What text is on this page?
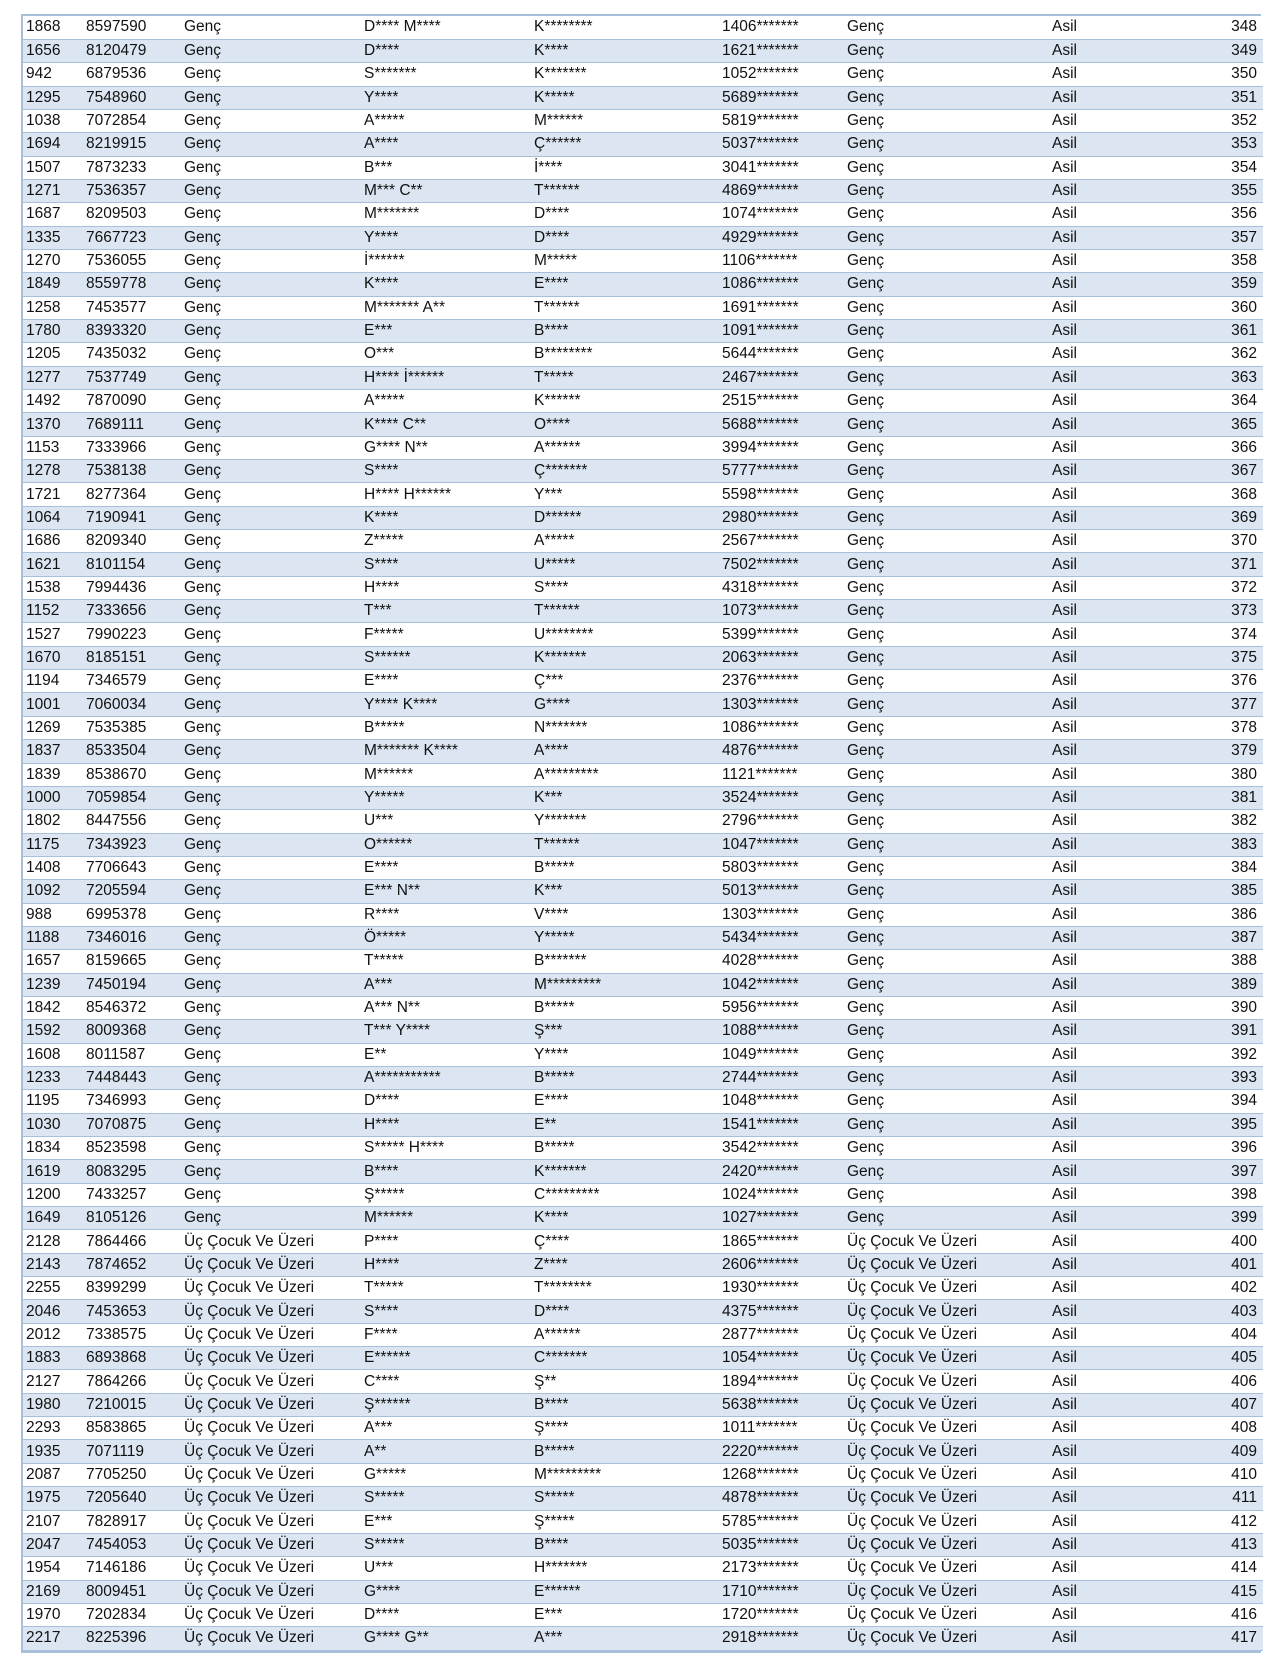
1868	8597590	Genç	D**** M****	K********	1406*******	Genç	Asil	348
1656	8120479	Genç	D****	K****	1621*******	Genç	Asil	349
942	6879536	Genç	S*******	K*******	1052*******	Genç	Asil	350
1295	7548960	Genç	Y****	K*****	5689*******	Genç	Asil	351
1038	7072854	Genç	A*****	M******	5819*******	Genç	Asil	352
1694	8219915	Genç	A****	Ç******	5037*******	Genç	Asil	353
1507	7873233	Genç	B***	İ****	3041*******	Genç	Asil	354
1271	7536357	Genç	M*** C**	T******	4869*******	Genç	Asil	355
1687	8209503	Genç	M*******	D****	1074*******	Genç	Asil	356
1335	7667723	Genç	Y****	D****	4929*******	Genç	Asil	357
1270	7536055	Genç	İ******	M*****	1106*******	Genç	Asil	358
1849	8559778	Genç	K****	E****	1086*******	Genç	Asil	359
1258	7453577	Genç	M******* A**	T******	1691*******	Genç	Asil	360
1780	8393320	Genç	E***	B****	1091*******	Genç	Asil	361
1205	7435032	Genç	O***	B********	5644*******	Genç	Asil	362
1277	7537749	Genç	H**** İ******	T*****	2467*******	Genç	Asil	363
1492	7870090	Genç	A*****	K******	2515*******	Genç	Asil	364
1370	7689111	Genç	K**** C**	O****	5688*******	Genç	Asil	365
1153	7333966	Genç	G**** N**	A******	3994*******	Genç	Asil	366
1278	7538138	Genç	S****	Ç*******	5777*******	Genç	Asil	367
1721	8277364	Genç	H**** H******	Y***	5598*******	Genç	Asil	368
1064	7190941	Genç	K****	D******	2980*******	Genç	Asil	369
1686	8209340	Genç	Z*****	A*****	2567*******	Genç	Asil	370
1621	8101154	Genç	S****	U*****	7502*******	Genç	Asil	371
1538	7994436	Genç	H****	S****	4318*******	Genç	Asil	372
1152	7333656	Genç	T***	T******	1073*******	Genç	Asil	373
1527	7990223	Genç	F*****	U********	5399*******	Genç	Asil	374
1670	8185151	Genç	S******	K*******	2063*******	Genç	Asil	375
1194	7346579	Genç	E****	Ç***	2376*******	Genç	Asil	376
1001	7060034	Genç	Y**** K****	G****	1303*******	Genç	Asil	377
1269	7535385	Genç	B*****	N*******	1086*******	Genç	Asil	378
1837	8533504	Genç	M******* K****	A****	4876*******	Genç	Asil	379
1839	8538670	Genç	M******	A*********	1121*******	Genç	Asil	380
1000	7059854	Genç	Y*****	K***	3524*******	Genç	Asil	381
1802	8447556	Genç	U***	Y*******	2796*******	Genç	Asil	382
1175	7343923	Genç	O******	T******	1047*******	Genç	Asil	383
1408	7706643	Genç	E****	B*****	5803*******	Genç	Asil	384
1092	7205594	Genç	E*** N**	K***	5013*******	Genç	Asil	385
988	6995378	Genç	R****	V****	1303*******	Genç	Asil	386
1188	7346016	Genç	Ö*****	Y*****	5434*******	Genç	Asil	387
1657	8159665	Genç	T*****	B*******	4028*******	Genç	Asil	388
1239	7450194	Genç	A***	M*********	1042*******	Genç	Asil	389
1842	8546372	Genç	A*** N**	B*****	5956*******	Genç	Asil	390
1592	8009368	Genç	T*** Y****	Ş***	1088*******	Genç	Asil	391
1608	8011587	Genç	E**	Y****	1049*******	Genç	Asil	392
1233	7448443	Genç	A***********	B*****	2744*******	Genç	Asil	393
1195	7346993	Genç	D****	E****	1048*******	Genç	Asil	394
1030	7070875	Genç	H****	E**	1541*******	Genç	Asil	395
1834	8523598	Genç	S***** H****	B*****	3542*******	Genç	Asil	396
1619	8083295	Genç	B****	K*******	2420*******	Genç	Asil	397
1200	7433257	Genç	Ş*****	C*********	1024*******	Genç	Asil	398
1649	8105126	Genç	M******	K****	1027*******	Genç	Asil	399
2128	7864466	Üç Çocuk Ve Üzeri	P****	Ç****	1865*******	Üç Çocuk Ve Üzeri	Asil	400
2143	7874652	Üç Çocuk Ve Üzeri	H****	Z****	2606*******	Üç Çocuk Ve Üzeri	Asil	401
2255	8399299	Üç Çocuk Ve Üzeri	T*****	T********	1930*******	Üç Çocuk Ve Üzeri	Asil	402
2046	7453653	Üç Çocuk Ve Üzeri	S****	D****	4375*******	Üç Çocuk Ve Üzeri	Asil	403
2012	7338575	Üç Çocuk Ve Üzeri	F****	A******	2877*******	Üç Çocuk Ve Üzeri	Asil	404
1883	6893868	Üç Çocuk Ve Üzeri	E******	C*******	1054*******	Üç Çocuk Ve Üzeri	Asil	405
2127	7864266	Üç Çocuk Ve Üzeri	C****	Ş**	1894*******	Üç Çocuk Ve Üzeri	Asil	406
1980	7210015	Üç Çocuk Ve Üzeri	Ş******	B****	5638*******	Üç Çocuk Ve Üzeri	Asil	407
2293	8583865	Üç Çocuk Ve Üzeri	A***	Ş****	1011*******	Üç Çocuk Ve Üzeri	Asil	408
1935	7071119	Üç Çocuk Ve Üzeri	A**	B*****	2220*******	Üç Çocuk Ve Üzeri	Asil	409
2087	7705250	Üç Çocuk Ve Üzeri	G*****	M*********	1268*******	Üç Çocuk Ve Üzeri	Asil	410
1975	7205640	Üç Çocuk Ve Üzeri	S*****	S*****	4878*******	Üç Çocuk Ve Üzeri	Asil	411
2107	7828917	Üç Çocuk Ve Üzeri	E***	Ş*****	5785*******	Üç Çocuk Ve Üzeri	Asil	412
2047	7454053	Üç Çocuk Ve Üzeri	S*****	B****	5035*******	Üç Çocuk Ve Üzeri	Asil	413
1954	7146186	Üç Çocuk Ve Üzeri	U***	H*******	2173*******	Üç Çocuk Ve Üzeri	Asil	414
2169	8009451	Üç Çocuk Ve Üzeri	G****	E******	1710*******	Üç Çocuk Ve Üzeri	Asil	415
1970	7202834	Üç Çocuk Ve Üzeri	D****	E***	1720*******	Üç Çocuk Ve Üzeri	Asil	416
2217	8225396	Üç Çocuk Ve Üzeri	G**** G**	A***	2918*******	Üç Çocuk Ve Üzeri	Asil	417
